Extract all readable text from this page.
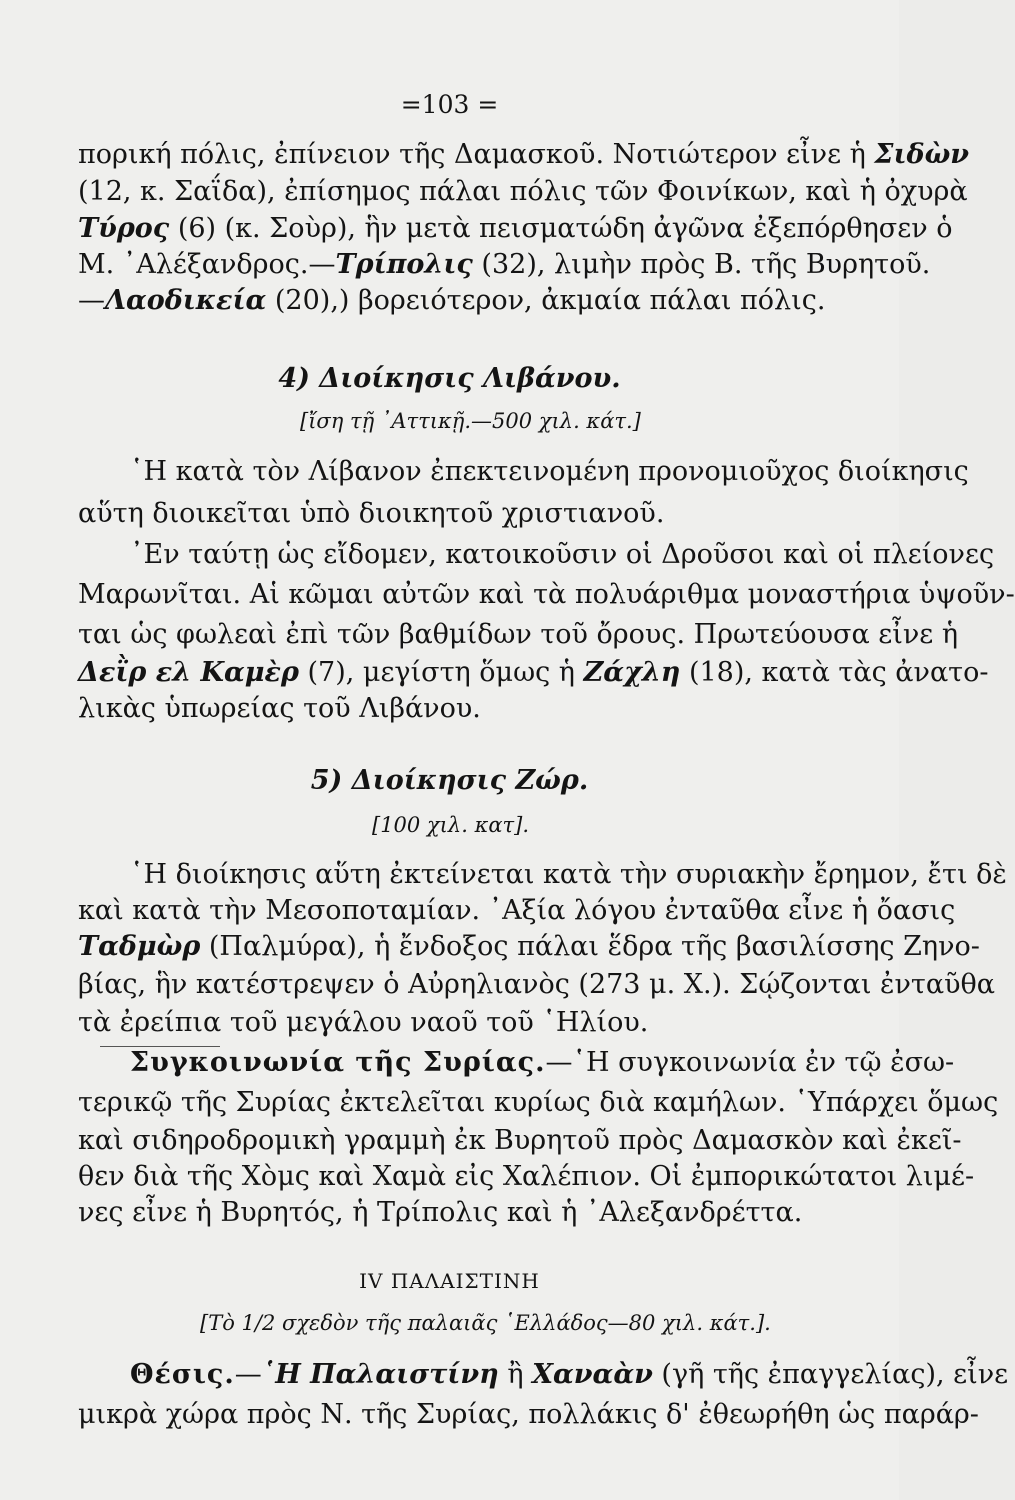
=103 =
πορική πόλις, ἐπίνειον τῆς Δαμασκοῦ. Νοτιώτερον εἶνε ἡ Σιδὼν
(12, κ. Σαΐδα), ἐπίσημος πάλαι πόλις τῶν Φοινίκων, καὶ ἡ ὀχυρὰ
Τύρος (6) (κ. Σοὺρ), ἣν μετὰ πεισματώδη ἀγῶνα ἐξεπόρθησεν ὁ
Μ. ᾿Αλέξανδρος.—Τρίπολις (32), λιμὴν πρὸς Β. τῆς Βυρητοῦ.
—Λαοδικεία (20),) βορειότερον, ἀκμαία πάλαι πόλις.
4) Διοίκησις Λιβάνου.
[ἴση τῇ ᾿Αττικῇ.—500 χιλ. κάτ.]
῾Η κατὰ τὸν Λίβανον ἐπεκτεινομένη προνομιοῦχος διοίκησις
αὕτη διοικεῖται ὑπὸ διοικητοῦ χριστιανοῦ.
᾿Εν ταύτῃ ὡς εἴδομεν, κατοικοῦσιν οἱ Δροῦσοι καὶ οἱ πλείονες
Μαρωνῖται. Αἱ κῶμαι αὐτῶν καὶ τὰ πολυάριθμα μοναστήρια ὑψοῦν-
ται ὡς φωλεαὶ ἐπὶ τῶν βαθμίδων τοῦ ὄρους. Πρωτεύουσα εἶνε ἡ
Δεῒρ ελ Καμὲρ (7), μεγίστη ὅμως ἡ Ζάχλη (18), κατὰ τὰς ἀνατο-
λικὰς ὑπωρείας τοῦ Λιβάνου.
5) Διοίκησις Ζώρ.
[100 χιλ. κατ].
῾Η διοίκησις αὕτη ἐκτείνεται κατὰ τὴν συριακὴν ἔρημον, ἔτι δὲ
καὶ κατὰ τὴν Μεσοποταμίαν. ᾿Αξία λόγου ἐνταῦθα εἶνε ἡ ὄασις
Ταδμὼρ (Παλμύρα), ἡ ἔνδοξος πάλαι ἕδρα τῆς βασιλίσσης Ζηνο-
βίας, ἣν κατέστρεψεν ὁ Αὐρηλιανὸς (273 μ. Χ.). Σῴζονται ἐνταῦθα
τὰ ἐρείπια τοῦ μεγάλου ναοῦ τοῦ ῾Ηλίου.
Συγκοινωνία τῆς Συρίας.—῾Η συγκοινωνία ἐν τῷ ἐσω-
τερικῷ τῆς Συρίας ἐκτελεῖται κυρίως διὰ καμήλων. ῾Υπάρχει ὅμως
καὶ σιδηροδρομικὴ γραμμὴ ἐκ Βυρητοῦ πρὸς Δαμασκὸν καὶ ἐκεῖ-
θεν διὰ τῆς Χὸμς καὶ Χαμὰ εἰς Χαλέπιον. Οἱ ἐμπορικώτατοι λιμέ-
νες εἶνε ἡ Βυρητός, ἡ Τρίπολις καὶ ἡ ᾿Αλεξανδρέττα.
IV ΠΑΛΑΙΣΤΙΝΗ
[Τὸ 1/2 σχεδὸν τῆς παλαιᾶς ῾Ελλάδος—80 χιλ. κάτ.].
Θέσις.—῾Η Παλαιστίνη ἢ Χαναὰν (γῆ τῆς ἐπαγγελίας), εἶνε
μικρὰ χώρα πρὸς Ν. τῆς Συρίας, πολλάκις δ' ἐθεωρήθη ὡς παράρ-
